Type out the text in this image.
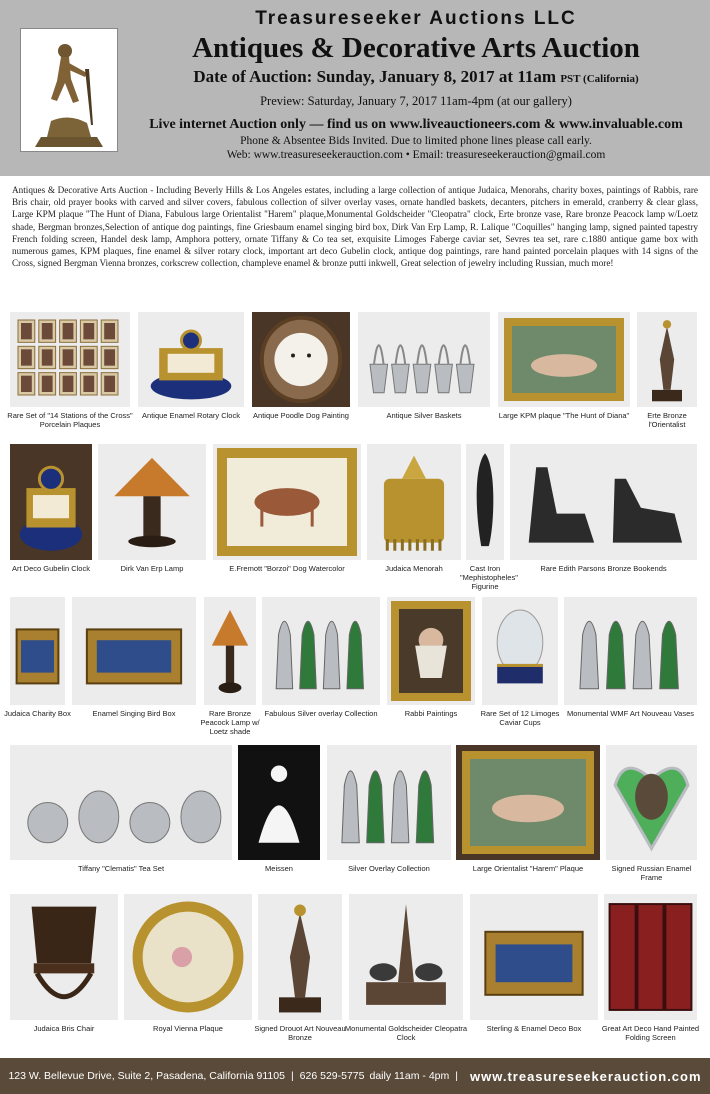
Treasureseeker Auctions LLC
Antiques & Decorative Arts Auction
Date of Auction: Sunday, January 8, 2017 at 11am PST (California)
Preview: Saturday, January 7, 2017 11am-4pm (at our gallery)
Live internet Auction only — find us on www.liveauctioneers.com & www.invaluable.com
Phone & Absentee Bids Invited. Due to limited phone lines please call early.
Web: www.treasureseekerauction.com • Email: treasureseekerauction@gmail.com
Antiques & Decorative Arts Auction - Including Beverly Hills & Los Angeles estates, including a large collection of antique Judaica, Menorahs, charity boxes, paintings of Rabbis, rare Bris chair, old prayer books with carved and silver covers, fabulous collection of silver overlay vases, ornate handled baskets, decanters, pitchers in emerald, cranberry & clear glass, Large KPM plaque "The Hunt of Diana, Fabulous large Orientalist "Harem" plaque,Monumental Goldscheider "Cleopatra" clock, Erte bronze vase, Rare bronze Peacock lamp w/Loetz shade, Bergman bronzes,Selection of antique dog paintings, fine Griesbaum enamel singing bird box, Dirk Van Erp Lamp, R. Lalique "Coquilles" hanging lamp, signed painted tapestry French folding screen, Handel desk lamp, Amphora pottery, ornate Tiffany & Co tea set, exquisite Limoges Faberge caviar set, Sevres tea set, rare c.1880 antique game box with numerous games, KPM plaques, fine enamel & silver rotary clock, important art deco Gubelin clock, antique dog paintings, rare hand painted porcelain plaques with 14 signs of the Cross, signed Bergman Vienna bronzes, corkscrew collection, champleve enamel & bronze putti inkwell, Great selection of jewelry including Russian, much more!
Rare Set of "14 Stations of the Cross" Porcelain Plaques
Antique Enamel Rotary Clock	Antique Poodle Dog Painting	Antique Silver Baskets	Large KPM plaque "The Hunt of Diana"	Erte Bronze l'Orientalist
Art Deco Gubelin Clock	Dirk Van Erp Lamp	E.Fremott "Borzoi" Dog Watercolor	Judaica Menorah	Cast Iron "Mephistopheles" Figurine
Rare Edith Parsons Bronze Bookends
Judaica Charity Box	Enamel Singing Bird Box	Rare Bronze Peacock Lamp w/ Loetz shade
Fabulous Silver overlay Collection	Rabbi Paintings	Rare Set of 12 Limoges Caviar Cups
Monumental WMF Art Nouveau Vases
Tiffany "Clematis" Tea Set	Meissen	Silver Overlay Collection	Large Orientalist "Harem" Plaque	Signed Russian Enamel Frame
Judaica Bris Chair	Royal Vienna Plaque	Signed Drouot Art Nouveau Bronze
Monumental Goldscheider Cleopatra Clock
Sterling & Enamel Deco Box	Great Art Deco Hand Painted Folding Screen
123 W. Bellevue Drive, Suite 2, Pasadena, California 91105 | 626 529-5775 daily 11am - 4pm | www.treasureseekerauction.com
